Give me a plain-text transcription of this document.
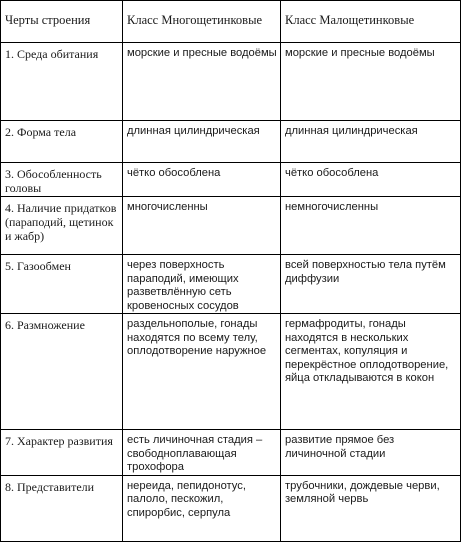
Черты строения	Класс Многощетинковые	Класс Малощетинковые
1. Среда обитания	морские и пресные водоёмы	морские и пресные водоёмы
2. Форма тела	длинная цилиндрическая	длинная цилиндрическая
3. Обособленность головы	чётко обособлена	чётко обособлена
4. Наличие придатков (параподий, щетинок и жабр)	многочисленны	немногочисленны
5. Газообмен	через поверхность параподий, имеющих разветвлённую сеть кровеносных сосудов	всей поверхностью тела путём диффузии
6. Размножение	раздельнополые, гонады находятся по всему телу, оплодотворение наружное	гермафродиты, гонады находятся в нескольких сегментах, копуляция и перекрёстное оплодотворение, яйца откладываются в кокон
7. Характер развития	есть личиночная стадия – свободноплавающая трохофора	развитие прямое без личиночной стадии
8. Представители	нереида, пепидонотус, палоло, пескожил, спирорбис, серпула	трубочники, дождевые черви, земляной червь
